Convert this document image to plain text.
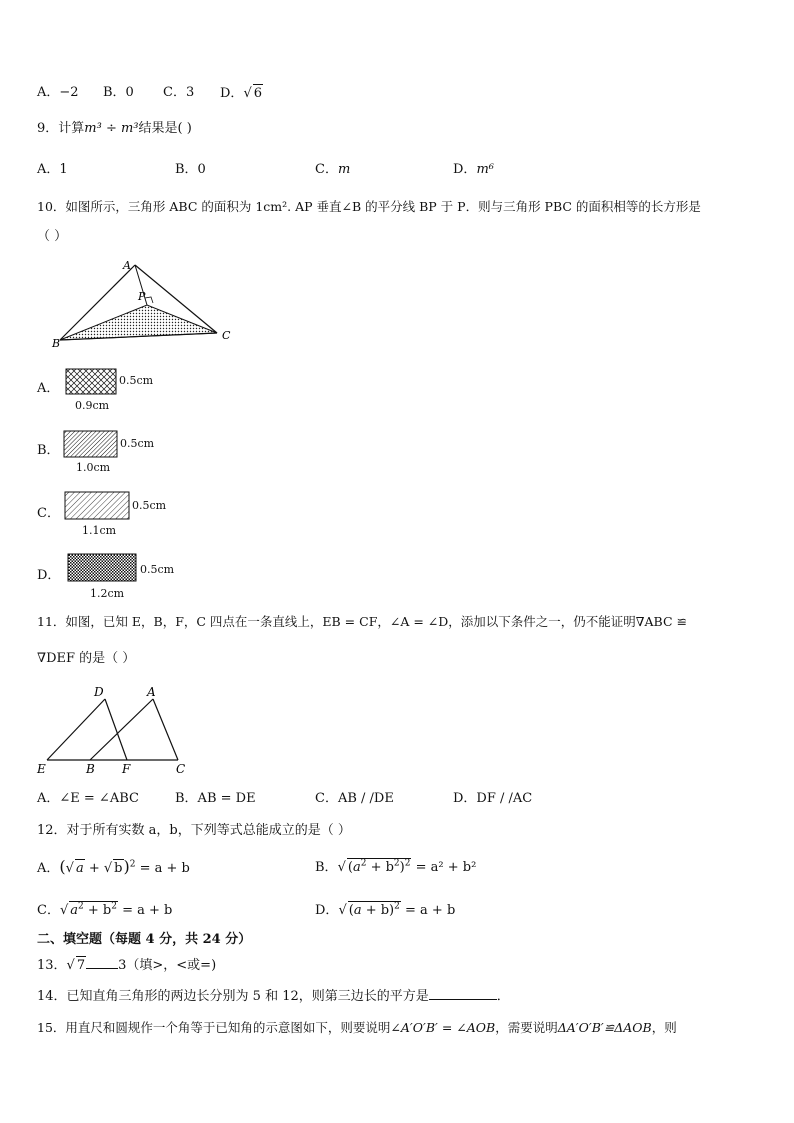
A．−2 B．0 C．3 D．√ 6
9．计算m³ ÷ m³结果是( )
A．1	B．0	C．m	D．m⁶
10．如图所示，三角形 ABC 的面积为 1cm². AP 垂直∠B 的平分线 BP 于 P．则与三角形 PBC 的面积相等的长方形是
（ ）
A
P
B
C
A．
0.5cm
0.9cm
B．	0.5cm
1.0cm
C．
0.5cm
1.1cm
D．	0.5cm
1.2cm
11．如图，已知 E，B，F，C 四点在一条直线上，EB = CF，∠A = ∠D，添加以下条件之一，仍不能证明∇ABC ≌
∇DEF 的是（ ）
D	A
E	B F	C
A．∠E = ∠ABC	B．AB = DE	C．AB / /DE	D．DF / /AC
12．对于所有实数 a，b，下列等式总能成立的是（ ）
A．(√ a + √ b)$^2$ = a + b	B．√ $(a^2 + b^2)^2 = a^2 + b^2$
C．√ $a^2 + b^2 = a + b$	D．√ $(a + b)^2 = a + b$
二、填空题（每题 4 分，共 24 分）
13．√ 7	3（填>，<或=)
14．已知直角三角形的两边长分别为 5 和 12，则第三边长的平方是	．
15．用直尺和圆规作一个角等于已知角的示意图如下，则要说明∠A′O′B′ = ∠AOB，需要说明ΔA′O′B′≌ΔAOB，则
